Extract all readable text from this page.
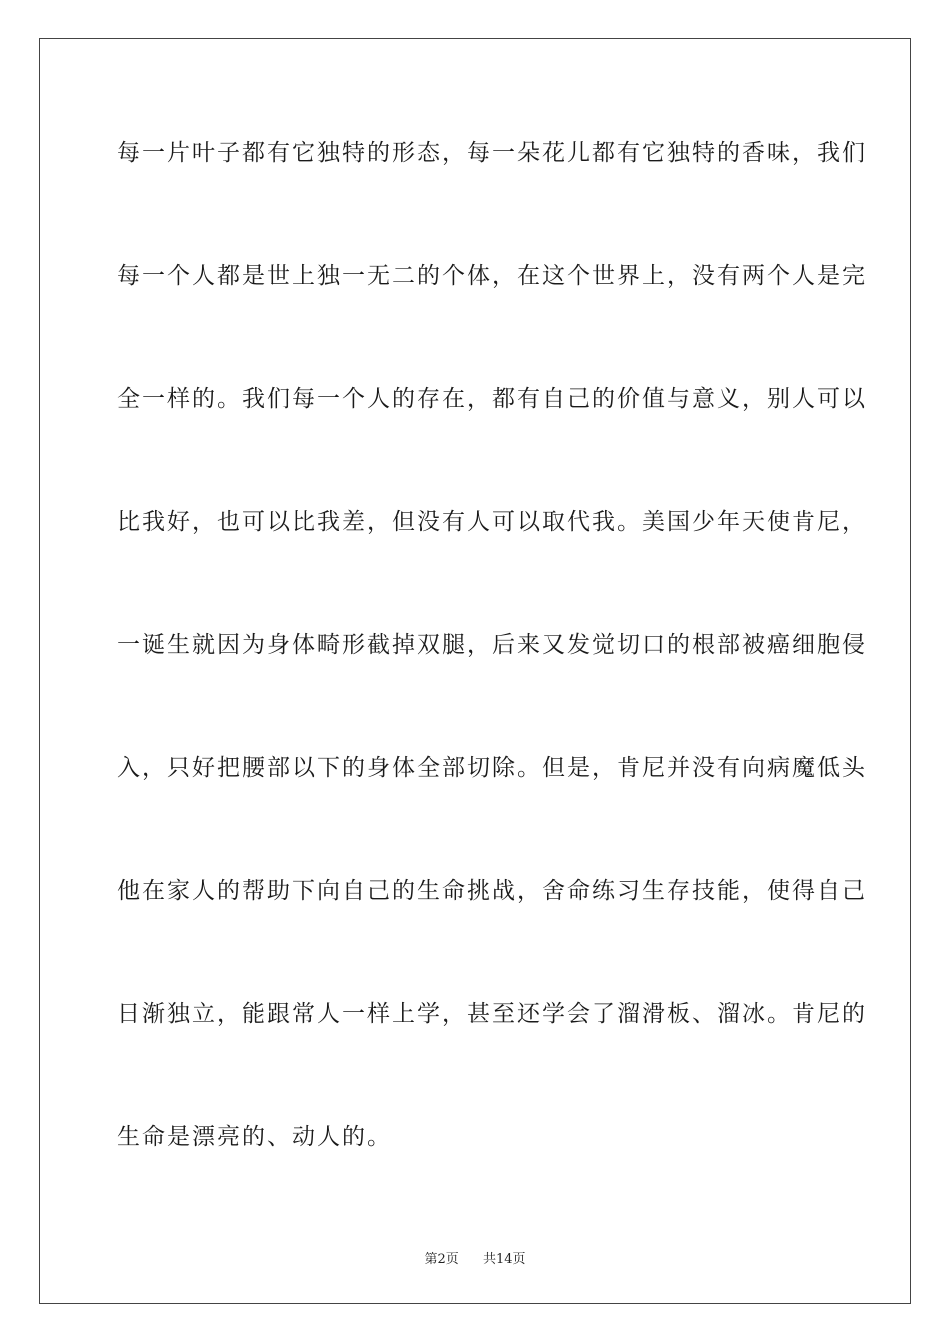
每一片叶子都有它独特的形态，每一朵花儿都有它独特的香味，我们
每一个人都是世上独一无二的个体，在这个世界上，没有两个人是完
全一样的。我们每一个人的存在，都有自己的价值与意义，别人可以
比我好，也可以比我差，但没有人可以取代我。美国少年天使肯尼，
一诞生就因为身体畸形截掉双腿，后来又发觉切口的根部被癌细胞侵
入，只好把腰部以下的身体全部切除。但是，肯尼并没有向病魔低头
他在家人的帮助下向自己的生命挑战，舍命练习生存技能，使得自己
日渐独立，能跟常人一样上学，甚至还学会了溜滑板、溜冰。肯尼的
生命是漂亮的、动人的。
第2页 共14页
